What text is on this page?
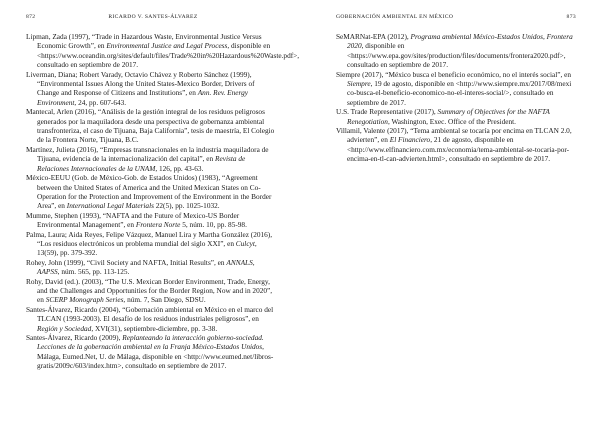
872	RICARDO V. SANTES-ÁLVAREZ

Lipman, Zada (1997), “Trade in Hazardous Waste, Environmental Justice Versus Economic Growth”, en Environmental Justice and Legal Process, disponible en <https://www.oceandin.org/sites/default/files/Trade%20in%20Hazardous%20Waste.pdf>, consultado en septiembre de 2017.

Liverman, Diana; Robert Varady, Octavio Chávez y Roberto Sánchez (1999), “Environmental Issues Along the United States-Mexico Border, Drivers of Change and Response of Citizens and Institutions”, en Ann. Rev. Energy Environment, 24, pp. 607-643.

Mantecal, Arlen (2016), “Análisis de la gestión integral de los residuos peligrosos generados por la maquiladora desde una perspectiva de gobernanza ambiental transfronteriza, el caso de Tijuana, Baja California”, tesis de maestría, El Colegio de la Frontera Norte, Tijuana, B.C.

Martínez, Julieta (2016), “Empresas transnacionales en la industria maquiladora de Tijuana, evidencia de la internacionalización del capital”, en Revista de Relaciones Internacionales de la UNAM, 126, pp. 43-63.

México-EEUU (Gob. de México-Gob. de Estados Unidos) (1983), “Agreement between the United States of America and the United Mexican States on Co-Operation for the Protection and Improvement of the Environment in the Border Area”, en International Legal Materials 22(5), pp. 1025-1032.

Mumme, Stephen (1993), “NAFTA and the Future of Mexico-US Border Environmental Management”, en Frontera Norte 5, núm. 10, pp. 85-98.

Palma, Laura; Aida Reyes, Felipe Vázquez, Manuel Lira y Martha González (2016), “Los residuos electrónicos un problema mundial del siglo XXI”, en Culcyt, 13(59), pp. 379-392.

Rohey, John (1999), “Civil Society and NAFTA, Initial Results”, en ANNALS, AAPSS, núm. 565, pp. 113-125.

Rohy, David (ed.). (2003), “The U.S. Mexican Border Environment, Trade, Energy, and the Challenges and Opportunities for the Border Region, Now and in 2020”, en SCERP Monograph Series, núm. 7, San Diego, SDSU.

Santes-Álvarez, Ricardo (2004), “Gobernación ambiental en México en el marco del TLCAN (1993-2003). El desafío de los residuos industriales peligrosos”, en Región y Sociedad, XVI(31), septiembre-diciembre, pp. 3-38.

Santes-Álvarez, Ricardo (2009), Replanteando la interacción gobierno-sociedad. Lecciones de la gobernación ambiental en la Franja México-Estados Unidos, Málaga, Eumed.Net, U. de Málaga, disponible en <http://www.eumed.net/libros-gratis/2009c/603/index.htm>, consultado en septiembre de 2017.

GOBERNACIÓN AMBIENTAL EN MÉXICO	873

SeMARNat-EPA (2012), Programa ambiental México-Estados Unidos, Frontera 2020, disponible en <https://www.epa.gov/sites/production/files/documents/frontera2020.pdf>, consultado en septiembre de 2017.

Siempre (2017), “México busca el beneficio económico, no el interés social”, en Siempre, 19 de agosto, disponible en <http://www.siempre.mx/2017/08/mexi co-busca-el-beneficio-economico-no-el-interes-social/>, consultado en septiembre de 2017.

U.S. Trade Representative (2017), Summary of Objectives for the NAFTA Renegotiation, Washington, Exec. Office of the President.

Villamil, Valente (2017), “Tema ambiental se tocaría por encima en TLCAN 2.0, advierten”, en El Financiero, 21 de agosto, disponible en <http://www.elfinanciero.com.mx/economia/tema-ambiental-se-tocaria-por-encima-en-tl-can-advierten.html>, consultado en septiembre de 2017.
